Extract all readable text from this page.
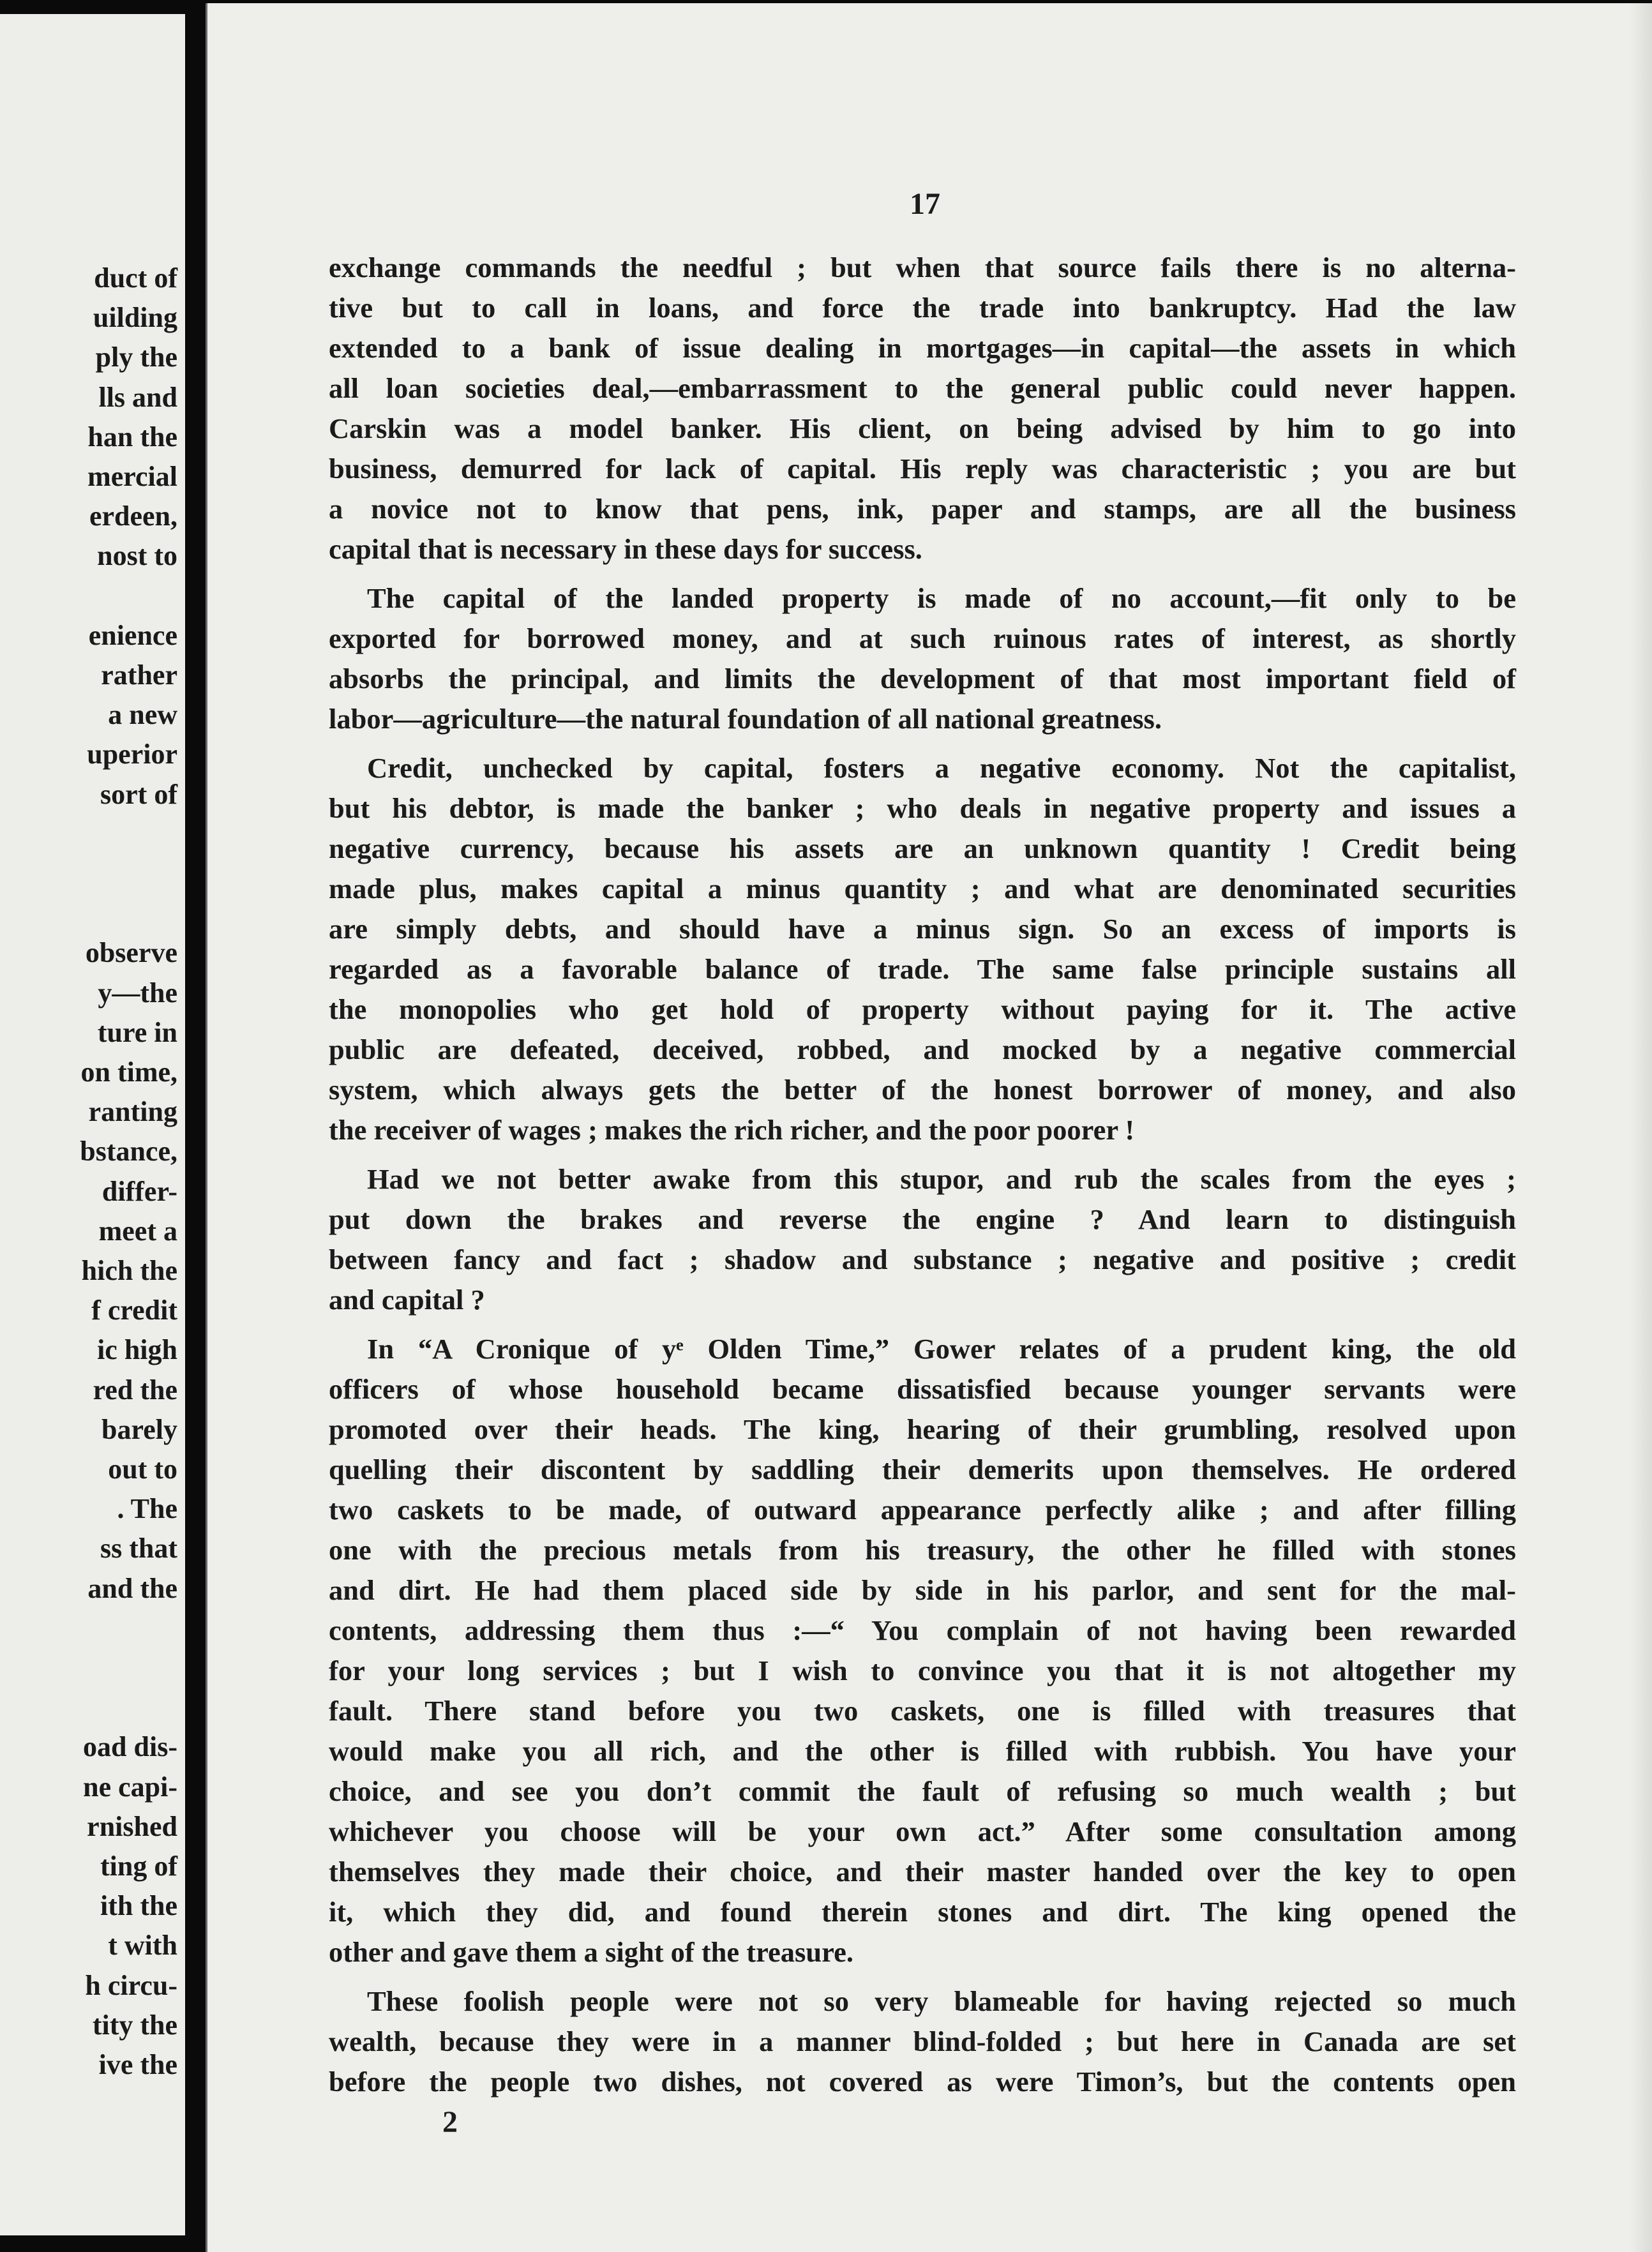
duct of
uilding
ply the
lls and
han the
mercial
erdeen,
nost to
enience
rather
a new
uperior
sort of
observe
y—the
ture in
on time,
ranting
bstance,
differ-
meet a
hich the
f credit
ic high
red the
barely
out to
. The
ss that
and the
oad dis-
ne capi-
rnished
ting of
ith the
t with
h circu-
tity the
ive the
17
exchange commands the needful ; but when that source fails there is no alterna-
tive but to call in loans, and force the trade into bankruptcy. Had the law
extended to a bank of issue dealing in mortgages—in capital—the assets in which
all loan societies deal,—embarrassment to the general public could never happen.
Carskin was a model banker. His client, on being advised by him to go into
business, demurred for lack of capital. His reply was characteristic ; you are but
a novice not to know that pens, ink, paper and stamps, are all the business
capital that is necessary in these days for success.
The capital of the landed property is made of no account,—fit only to be
exported for borrowed money, and at such ruinous rates of interest, as shortly
absorbs the principal, and limits the development of that most important field of
labor—agriculture—the natural foundation of all national greatness.
Credit, unchecked by capital, fosters a negative economy. Not the capitalist,
but his debtor, is made the banker ; who deals in negative property and issues a
negative currency, because his assets are an unknown quantity ! Credit being
made plus, makes capital a minus quantity ; and what are denominated securities
are simply debts, and should have a minus sign. So an excess of imports is
regarded as a favorable balance of trade. The same false principle sustains all
the monopolies who get hold of property without paying for it. The active
public are defeated, deceived, robbed, and mocked by a negative commercial
system, which always gets the better of the honest borrower of money, and also
the receiver of wages ; makes the rich richer, and the poor poorer !
Had we not better awake from this stupor, and rub the scales from the eyes ;
put down the brakes and reverse the engine ? And learn to distinguish
between fancy and fact ; shadow and substance ; negative and positive ; credit
and capital ?
In “A Cronique of yᵉ Olden Time,” Gower relates of a prudent king, the old
officers of whose household became dissatisfied because younger servants were
promoted over their heads. The king, hearing of their grumbling, resolved upon
quelling their discontent by saddling their demerits upon themselves. He ordered
two caskets to be made, of outward appearance perfectly alike ; and after filling
one with the precious metals from his treasury, the other he filled with stones
and dirt. He had them placed side by side in his parlor, and sent for the mal-
contents, addressing them thus :—“ You complain of not having been rewarded
for your long services ; but I wish to convince you that it is not altogether my
fault. There stand before you two caskets, one is filled with treasures that
would make you all rich, and the other is filled with rubbish. You have your
choice, and see you don’t commit the fault of refusing so much wealth ; but
whichever you choose will be your own act.” After some consultation among
themselves they made their choice, and their master handed over the key to open
it, which they did, and found therein stones and dirt. The king opened the
other and gave them a sight of the treasure.
These foolish people were not so very blameable for having rejected so much
wealth, because they were in a manner blind-folded ; but here in Canada are set
before the people two dishes, not covered as were Timon’s, but the contents open
2
